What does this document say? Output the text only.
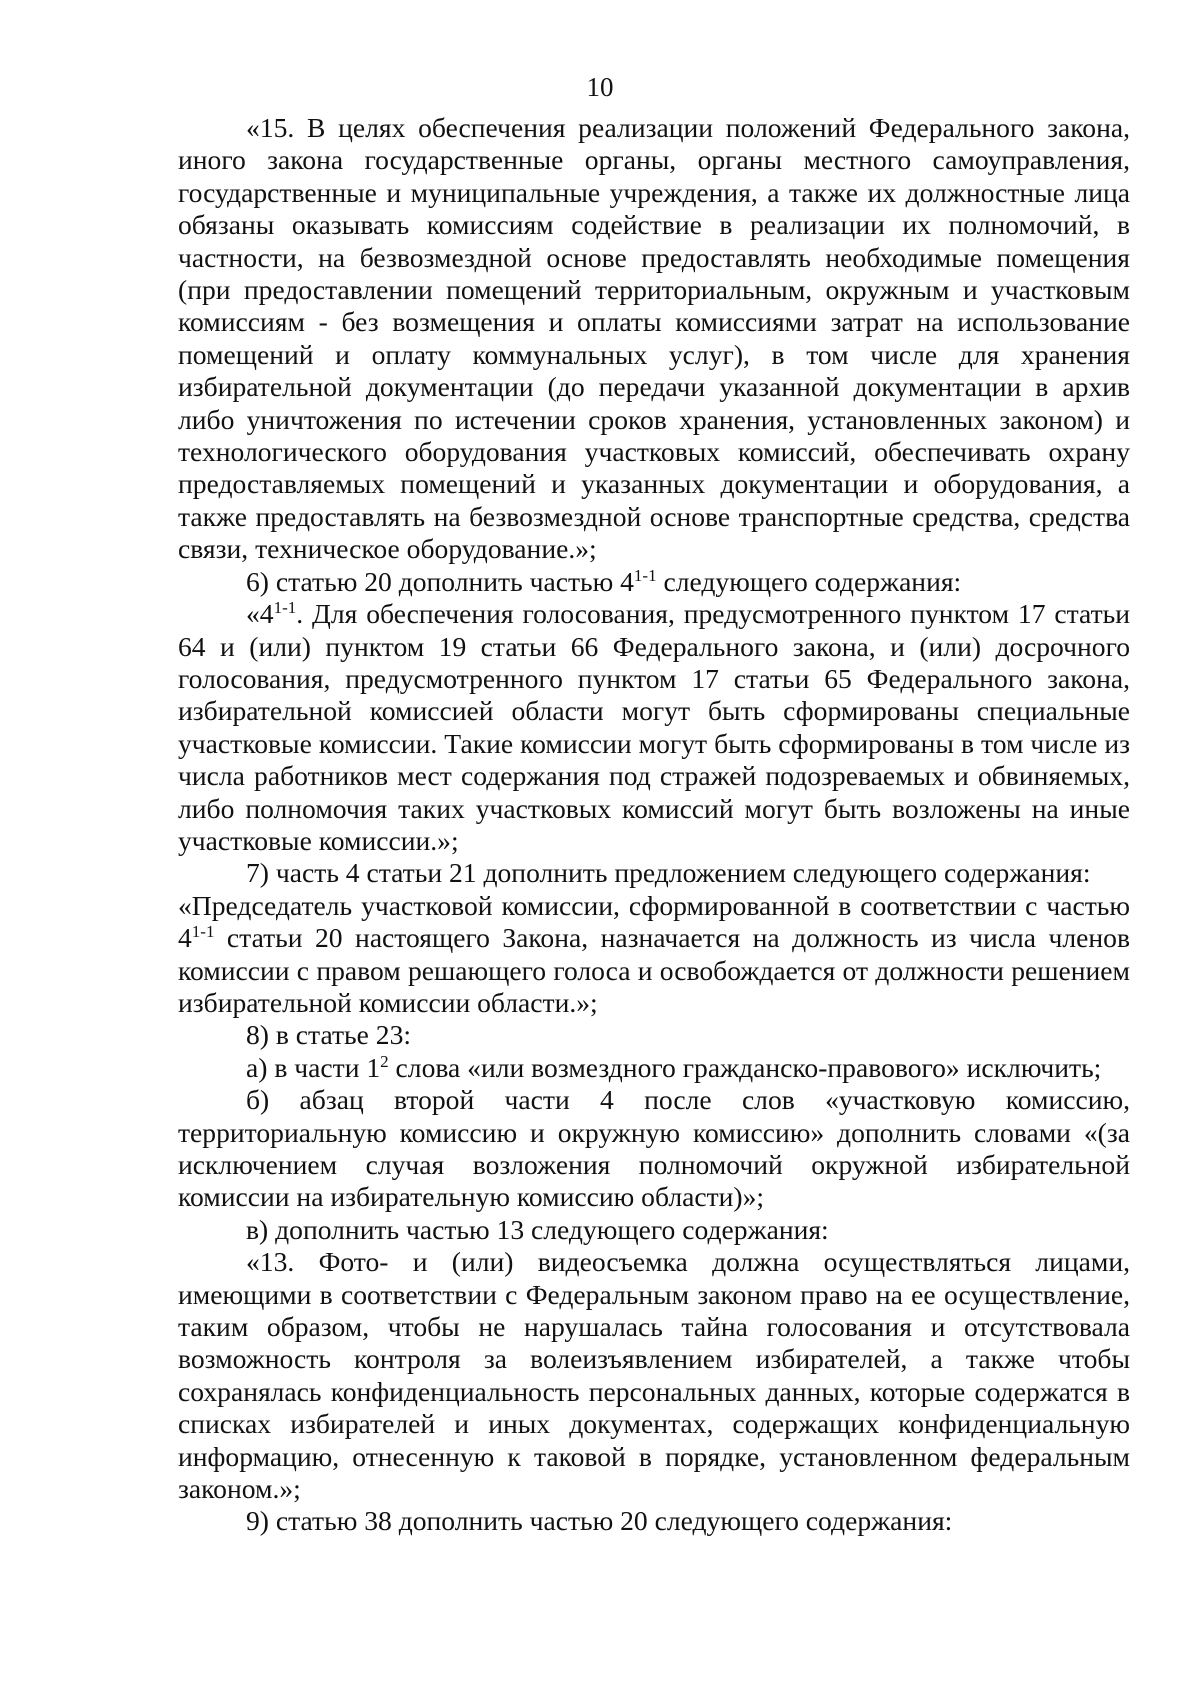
10

«15. В целях обеспечения реализации положений Федерального закона, иного закона государственные органы, органы местного самоуправления, государственные и муниципальные учреждения, а также их должностные лица обязаны оказывать комиссиям содействие в реализации их полномочий, в частности, на безвозмездной основе предоставлять необходимые помещения (при предоставлении помещений территориальным, окружным и участковым комиссиям - без возмещения и оплаты комиссиями затрат на использование помещений и оплату коммунальных услуг), в том числе для хранения избирательной документации (до передачи указанной документации в архив либо уничтожения по истечении сроков хранения, установленных законом) и технологического оборудования участковых комиссий, обеспечивать охрану предоставляемых помещений и указанных документации и оборудования, а также предоставлять на безвозмездной основе транспортные средства, средства связи, техническое оборудование.»;

6) статью 20 дополнить частью 4$^{1-1}$ следующего содержания:

«4$^{1-1}$. Для обеспечения голосования, предусмотренного пунктом 17 статьи 64 и (или) пунктом 19 статьи 66 Федерального закона, и (или) досрочного голосования, предусмотренного пунктом 17 статьи 65 Федерального закона, избирательной комиссией области могут быть сформированы специальные участковые комиссии. Такие комиссии могут быть сформированы в том числе из числа работников мест содержания под стражей подозреваемых и обвиняемых, либо полномочия таких участковых комиссий могут быть возложены на иные участковые комиссии.»;

7) часть 4 статьи 21 дополнить предложением следующего содержания:

«Председатель участковой комиссии, сформированной в соответствии с частью 4$^{1-1}$ статьи 20 настоящего Закона, назначается на должность из числа членов комиссии с правом решающего голоса и освобождается от должности решением избирательной комиссии области.»;

8) в статье 23:

а) в части $1^2$ слова «или возмездного гражданско-правового» исключить;

б) абзац второй части 4 после слов «участковую комиссию, территориальную комиссию и окружную комиссию» дополнить словами «(за исключением случая возложения полномочий окружной избирательной комиссии на избирательную комиссию области)»;

в) дополнить частью 13 следующего содержания:

«13. Фото- и (или) видеосъемка должна осуществляться лицами, имеющими в соответствии с Федеральным законом право на ее осуществление, таким образом, чтобы не нарушалась тайна голосования и отсутствовала возможность контроля за волеизъявлением избирателей, а также чтобы сохранялась конфиденциальность персональных данных, которые содержатся в списках избирателей и иных документах, содержащих конфиденциальную информацию, отнесенную к таковой в порядке, установленном федеральным законом.»;

9) статью 38 дополнить частью 20 следующего содержания:
